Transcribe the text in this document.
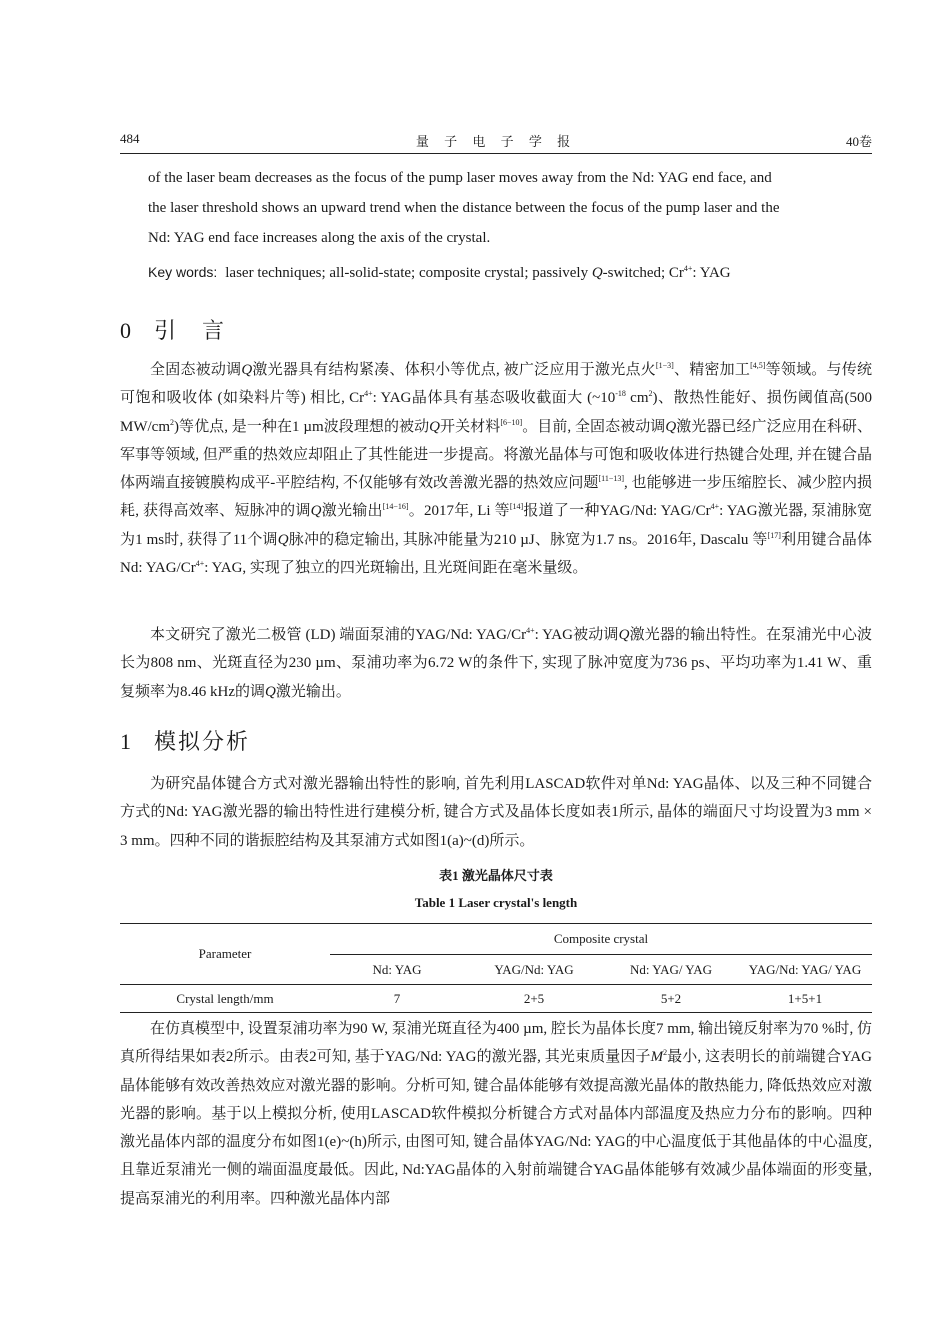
484	量 子 电 子 学 报	40卷
of the laser beam decreases as the focus of the pump laser moves away from the Nd: YAG end face, and
the laser threshold shows an upward trend when the distance between the focus of the pump laser and the
Nd: YAG end face increases along the axis of the crystal.
Key words: laser techniques; all-solid-state; composite crystal; passively Q-switched; $Cr^{4+}$: YAG
0 引　言
全固态被动调Q激光器具有结构紧凑、体积小等优点, 被广泛应用于激光点火[1−3]、精密加工[4,5]等领域。与传统可饱和吸收体 (如染料片等) 相比, $Cr^{4+}$: YAG晶体具有基态吸收截面大 ($\sim 10^{-18}$ $cm^2$)、散热性能好、损伤阈值高(500 $MW/cm^2$)等优点, 是一种在1 µm波段理想的被动Q开关材料[6−10]。目前, 全固态被动调Q激光器已经广泛应用在科研、军事等领域, 但严重的热效应却阻止了其性能进一步提高。将激光晶体与可饱和吸收体进行热键合处理, 并在键合晶体两端直接镀膜构成平-平腔结构, 不仅能够有效改善激光器的热效应问题[11−13], 也能够进一步压缩腔长、减少腔内损耗, 获得高效率、短脉冲的调Q激光输出[14−16]。2017年, Li 等[14]报道了一种YAG/Nd: YAG/$Cr^{4+}$: YAG激光器, 泵浦脉宽为1 ms时, 获得了11个调Q脉冲的稳定输出, 其脉冲能量为210 µJ、脉宽为1.7 ns。2016年, Dascalu 等[17]利用键合晶体Nd: YAG/$Cr^{4+}$: YAG, 实现了独立的四光斑输出, 且光斑间距在毫米量级。
本文研究了激光二极管 (LD) 端面泵浦的YAG/Nd: YAG/$Cr^{4+}$: YAG被动调Q激光器的输出特性。在泵浦光中心波长为808 nm、光斑直径为230 µm、泵浦功率为6.72 W的条件下, 实现了脉冲宽度为736 ps、平均功率为1.41 W、重复频率为8.46 kHz的调Q激光输出。
1 模拟分析
为研究晶体键合方式对激光器输出特性的影响, 首先利用LASCAD软件对单Nd: YAG晶体、以及三种不同键合方式的Nd: YAG激光器的输出特性进行建模分析, 键合方式及晶体长度如表1所示, 晶体的端面尺寸均设置为3 mm × 3 mm。四种不同的谐振腔结构及其泵浦方式如图1(a)~(d)所示。
表1 激光晶体尺寸表
Table 1 Laser crystal's length
Parameter	Composite crystal			
	Nd: YAG	YAG/Nd: YAG	Nd: YAG/ YAG	YAG/Nd: YAG/ YAG
Crystal length/mm	7	2+5	5+2	1+5+1
在仿真模型中, 设置泵浦功率为90 W, 泵浦光斑直径为400 µm, 腔长为晶体长度7 mm, 输出镜反射率为70 %时, 仿真所得结果如表2所示。由表2可知, 基于YAG/Nd: YAG的激光器, 其光束质量因子$M^2$最小, 这表明长的前端键合YAG晶体能够有效改善热效应对激光器的影响。分析可知, 键合晶体能够有效提高激光晶体的散热能力, 降低热效应对激光器的影响。基于以上模拟分析, 使用LASCAD软件模拟分析键合方式对晶体内部温度及热应力分布的影响。四种激光晶体内部的温度分布如图1(e)~(h)所示, 由图可知, 键合晶体YAG/Nd: YAG的中心温度低于其他晶体的中心温度, 且靠近泵浦光一侧的端面温度最低。因此, Nd:YAG晶体的入射前端键合YAG晶体能够有效减少晶体端面的形变量, 提高泵浦光的利用率。四种激光晶体内部
